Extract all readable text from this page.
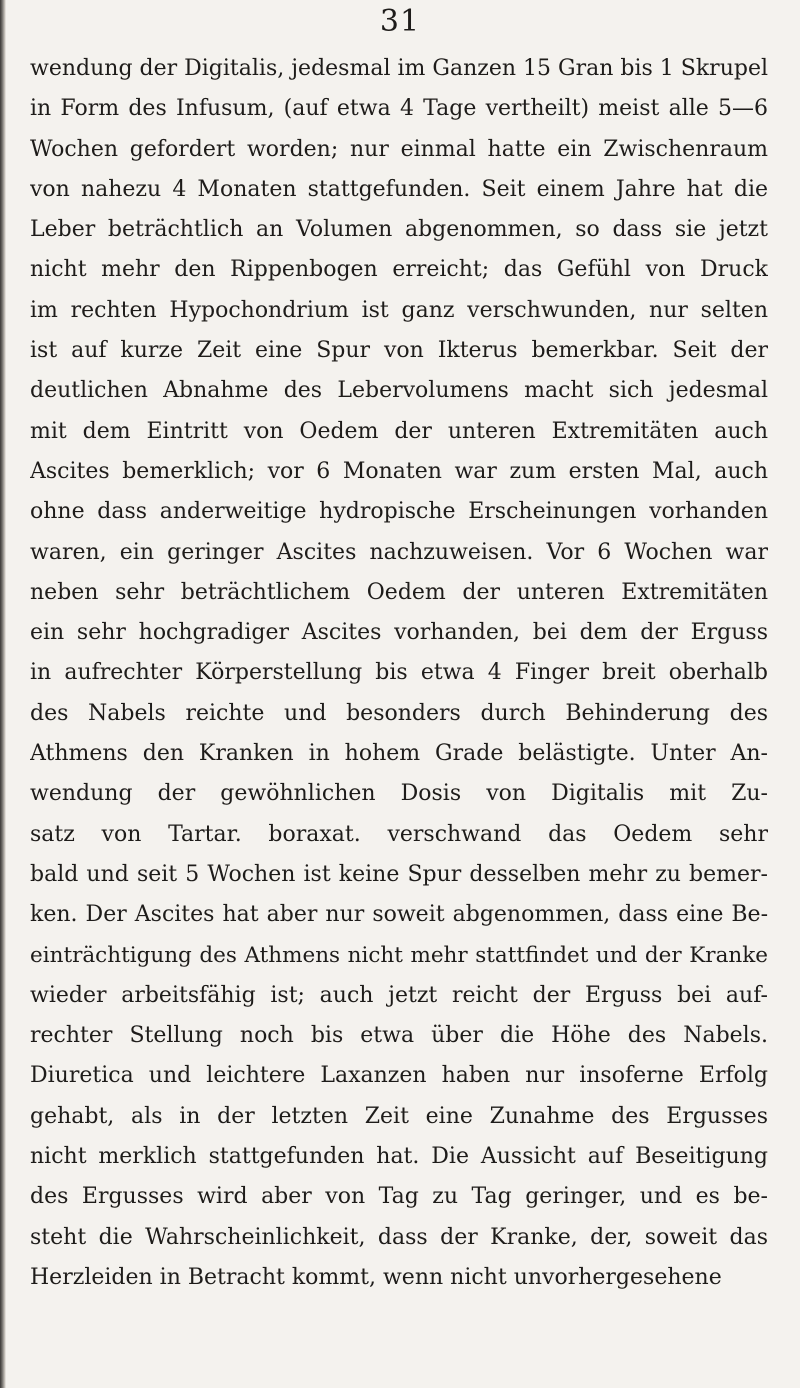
31
wendung der Digitalis, jedesmal im Ganzen 15 Gran bis 1 Skrupel
in Form des Infusum, (auf etwa 4 Tage vertheilt) meist alle 5—6
Wochen gefordert worden; nur einmal hatte ein Zwischenraum
von nahezu 4 Monaten stattgefunden. Seit einem Jahre hat die
Leber beträchtlich an Volumen abgenommen, so dass sie jetzt
nicht mehr den Rippenbogen erreicht; das Gefühl von Druck
im rechten Hypochondrium ist ganz verschwunden, nur selten
ist auf kurze Zeit eine Spur von Ikterus bemerkbar. Seit der
deutlichen Abnahme des Lebervolumens macht sich jedesmal
mit dem Eintritt von Oedem der unteren Extremitäten auch
Ascites bemerklich; vor 6 Monaten war zum ersten Mal, auch
ohne dass anderweitige hydropische Erscheinungen vorhanden
waren, ein geringer Ascites nachzuweisen. Vor 6 Wochen war
neben sehr beträchtlichem Oedem der unteren Extremitäten
ein sehr hochgradiger Ascites vorhanden, bei dem der Erguss
in aufrechter Körperstellung bis etwa 4 Finger breit oberhalb
des Nabels reichte und besonders durch Behinderung des
Athmens den Kranken in hohem Grade belästigte. Unter An-
wendung der gewöhnlichen Dosis von Digitalis mit Zu-
satz von Tartar. boraxat. verschwand das Oedem sehr
bald und seit 5 Wochen ist keine Spur desselben mehr zu bemer-
ken. Der Ascites hat aber nur soweit abgenommen, dass eine Be-
einträchtigung des Athmens nicht mehr stattfindet und der Kranke
wieder arbeitsfähig ist; auch jetzt reicht der Erguss bei auf-
rechter Stellung noch bis etwa über die Höhe des Nabels.
Diuretica und leichtere Laxanzen haben nur insoferne Erfolg
gehabt, als in der letzten Zeit eine Zunahme des Ergusses
nicht merklich stattgefunden hat. Die Aussicht auf Beseitigung
des Ergusses wird aber von Tag zu Tag geringer, und es be-
steht die Wahrscheinlichkeit, dass der Kranke, der, soweit das
Herzleiden in Betracht kommt, wenn nicht unvorhergesehene
